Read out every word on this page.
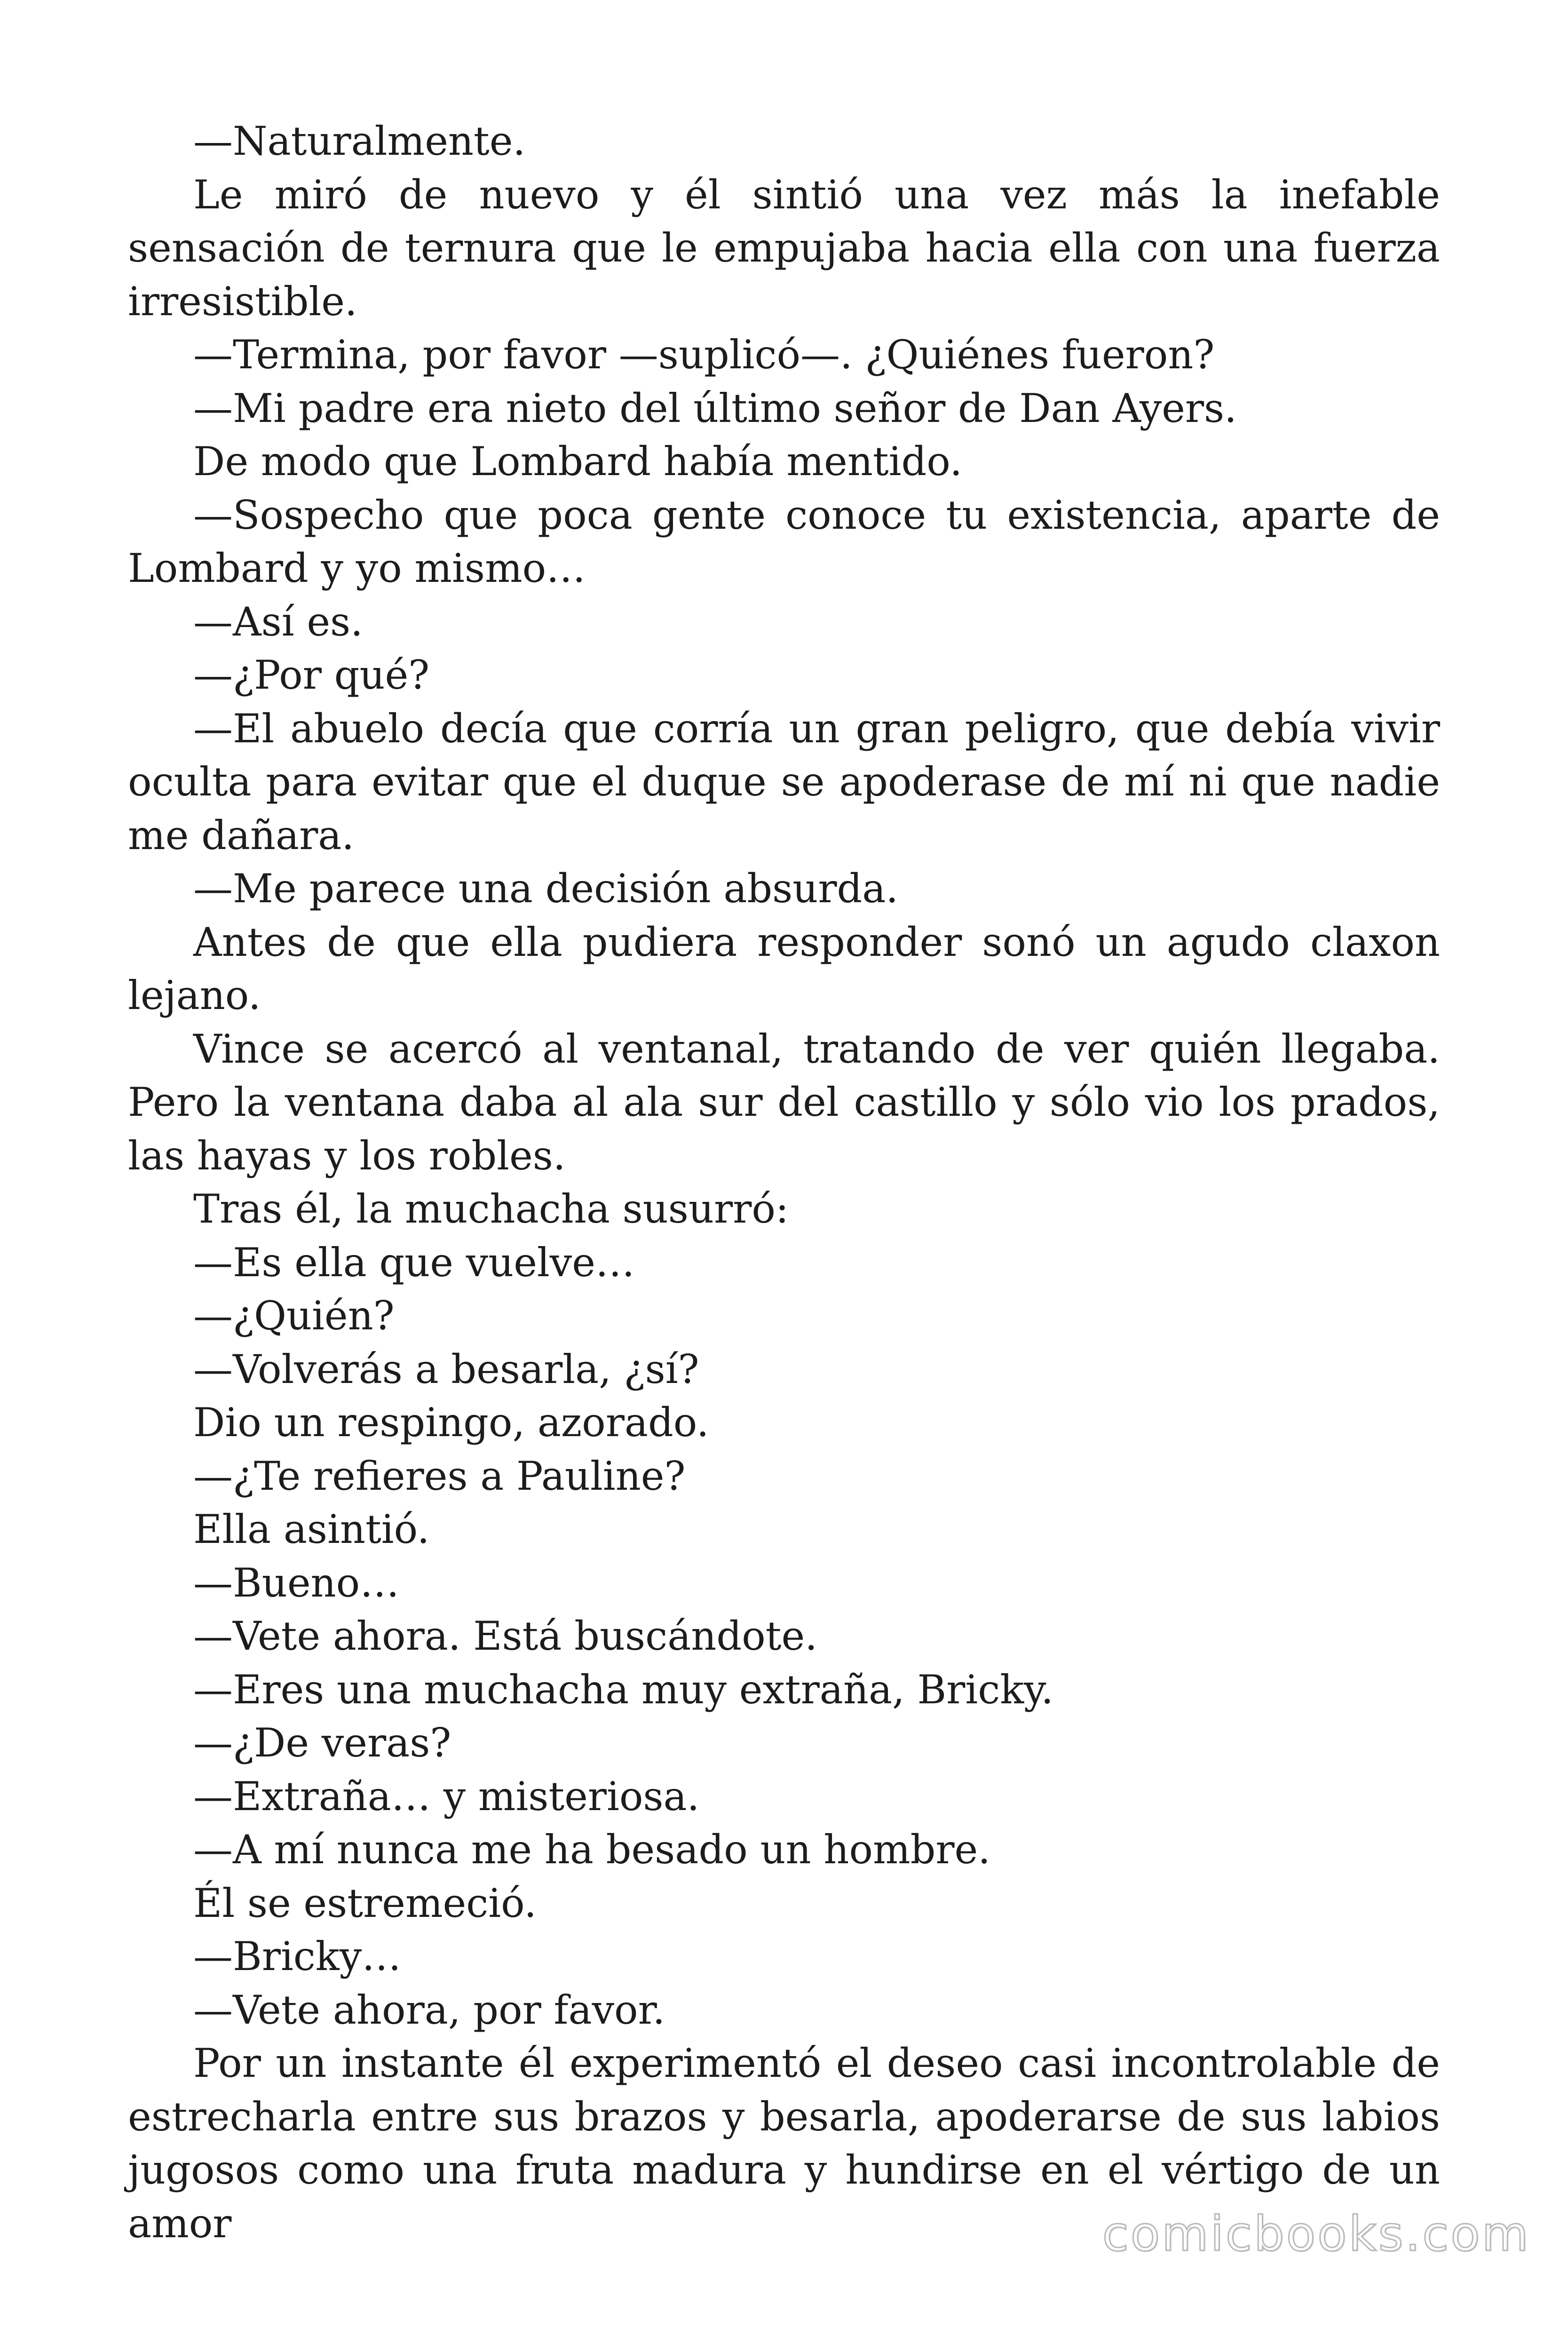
—Naturalmente.

Le miró de nuevo y él sintió una vez más la inefable sensación de ternura que le empujaba hacia ella con una fuerza irresistible.

—Termina, por favor —suplicó—. ¿Quiénes fueron?

—Mi padre era nieto del último señor de Dan Ayers.

De modo que Lombard había mentido.

—Sospecho que poca gente conoce tu existencia, aparte de Lombard y yo mismo…

—Así es.

—¿Por qué?

—El abuelo decía que corría un gran peligro, que debía vivir oculta para evitar que el duque se apoderase de mí ni que nadie me dañara.

—Me parece una decisión absurda.

Antes de que ella pudiera responder sonó un agudo claxon lejano.

Vince se acercó al ventanal, tratando de ver quién llegaba. Pero la ventana daba al ala sur del castillo y sólo vio los prados, las hayas y los robles.

Tras él, la muchacha susurró:

—Es ella que vuelve…

—¿Quién?

—Volverás a besarla, ¿sí?

Dio un respingo, azorado.

—¿Te refieres a Pauline?

Ella asintió.

—Bueno…

—Vete ahora. Está buscándote.

—Eres una muchacha muy extraña, Bricky.

—¿De veras?

—Extraña… y misteriosa.

—A mí nunca me ha besado un hombre.

Él se estremeció.

—Bricky…

—Vete ahora, por favor.

Por un instante él experimentó el deseo casi incontrolable de estrecharla entre sus brazos y besarla, apoderarse de sus labios jugosos como una fruta madura y hundirse en el vértigo de un amor	comicbooks.com
